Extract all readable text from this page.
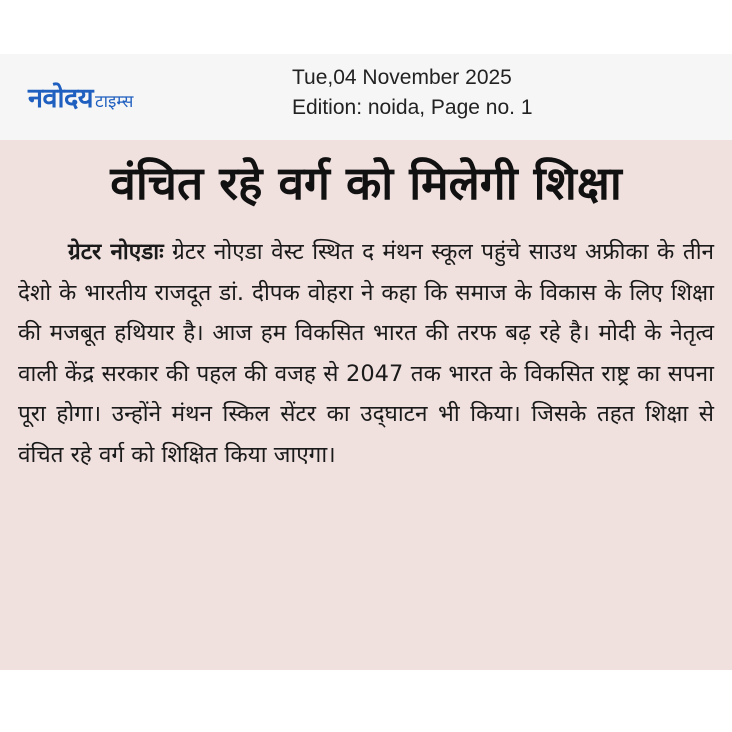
नवोदय टाइम्स
Tue,04 November 2025
Edition: noida, Page no. 1
वंचित रहे वर्ग को मिलेगी शिक्षा
ग्रेटर नोएडाः ग्रेटर नोएडा वेस्ट स्थित द मंथन स्कूल पहुंचे साउथ अफ्रीका के तीन देशो के भारतीय राजदूत डां. दीपक वोहरा ने कहा कि समाज के विकास के लिए शिक्षा की मजबूत हथियार है। आज हम विकसित भारत की तरफ बढ़ रहे है। मोदी के नेतृत्व वाली केंद्र सरकार की पहल की वजह से 2047 तक भारत के विकसित राष्ट्र का सपना पूरा होगा। उन्होंने मंथन स्किल सेंटर का उद्‌घाटन भी किया। जिसके तहत शिक्षा से वंचित रहे वर्ग को शिक्षित किया जाएगा।
